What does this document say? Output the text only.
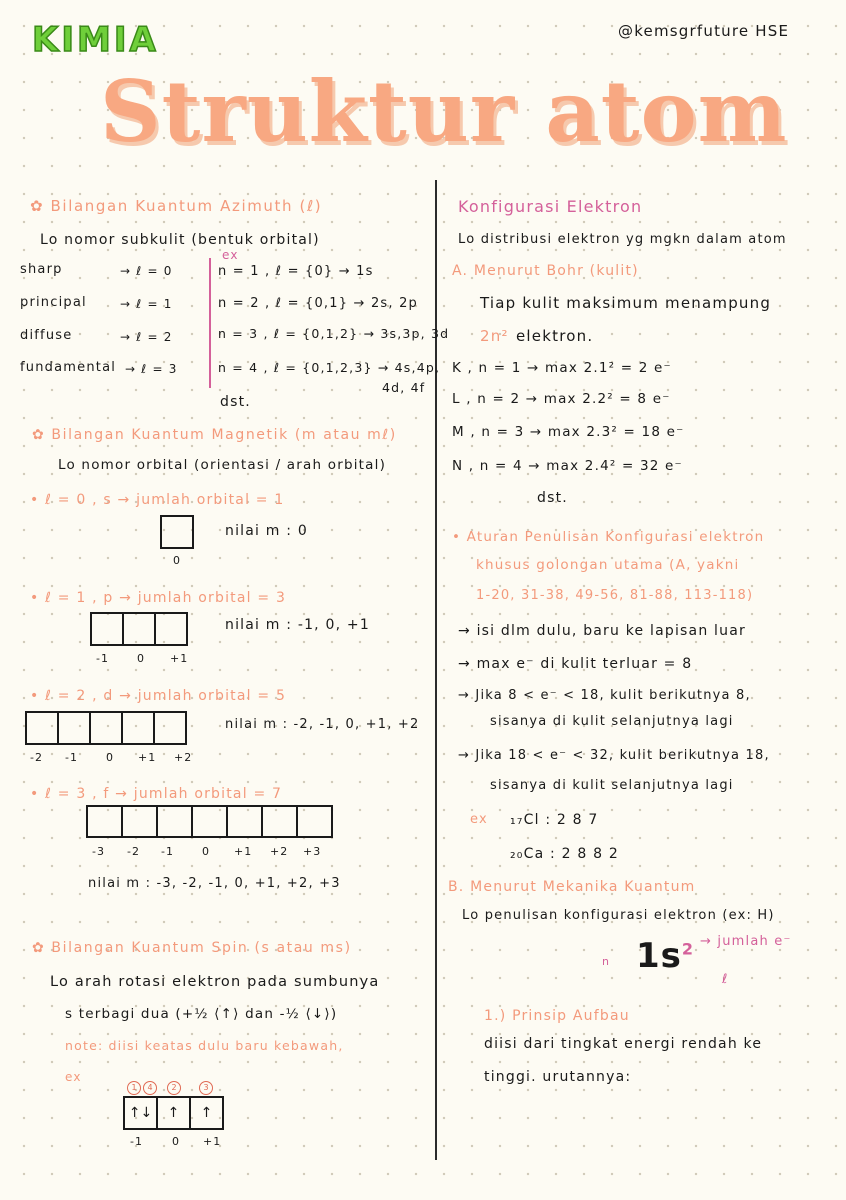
KIMIA	@kemsgrfuture HSE
Struktur atom
✿ Bilangan Kuantum Azimuth (ℓ)
Lo nomor subkulit (bentuk orbital)
ex
sharp	→ ℓ = 0	n = 1 , ℓ = {0} → 1s
principal	→ ℓ = 1	n = 2 , ℓ = {0,1} → 2s, 2p
diffuse	→ ℓ = 2	n = 3 , ℓ = {0,1,2} → 3s,3p, 3d
fundamental → ℓ = 3	n = 4 , ℓ = {0,1,2,3} → 4s,4p,
4d, 4f
dst.
✿ Bilangan Kuantum Magnetik (m atau mℓ)
Lo nomor orbital (orientasi / arah orbital)
• ℓ = 0 , s → jumlah orbital = 1
nilai m : 0
0
• ℓ = 1 , p → jumlah orbital = 3
nilai m : -1, 0, +1
-1	0 +1
• ℓ = 2 , d → jumlah orbital = 5
nilai m : -2, -1, 0, +1, +2
-2 -1	0 +1 +2
• ℓ = 3 , f → jumlah orbital = 7
-3 -2 -1	0 +1 +2 +3
nilai m : -3, -2, -1, 0, +1, +2, +3
✿ Bilangan Kuantum Spin (s atau ms)
Lo arah rotasi elektron pada sumbunya
s terbagi dua (+½ ⟨↑⟩ dan -½ ⟨↓⟩)
note: diisi keatas dulu baru kebawah,
ex
1	4	2	3
↑↓	↑	↑
-1	0 +1
Konfigurasi Elektron
Lo distribusi elektron yg mgkn dalam atom
A. Menurut Bohr (kulit)
Tiap kulit maksimum menampung
2n² elektron.
K , n = 1 → max 2.1² = 2 e⁻
L , n = 2 → max 2.2² = 8 e⁻
M , n = 3 → max 2.3² = 18 e⁻
N , n = 4 → max 2.4² = 32 e⁻
dst.
• Aturan Penulisan Konfigurasi elektron
khusus golongan utama (A, yakni
1-20, 31-38, 49-56, 81-88, 113-118)
→ isi dlm dulu, baru ke lapisan luar
→ max e⁻ di kulit terluar = 8
→ Jika 8 < e⁻ < 18, kulit berikutnya 8,
sisanya di kulit selanjutnya lagi
→ Jika 18 < e⁻ < 32, kulit berikutnya 18,
sisanya di kulit selanjutnya lagi
ex ₁₇Cl : 2 8 7
₂₀Ca : 2 8 8 2
B. Menurut Mekanika Kuantum
Lo penulisan konfigurasi elektron (ex: H)
$1s^2$ → jumlah e⁻
n
ℓ
1.) Prinsip Aufbau
diisi dari tingkat energi rendah ke
tinggi. urutannya:
